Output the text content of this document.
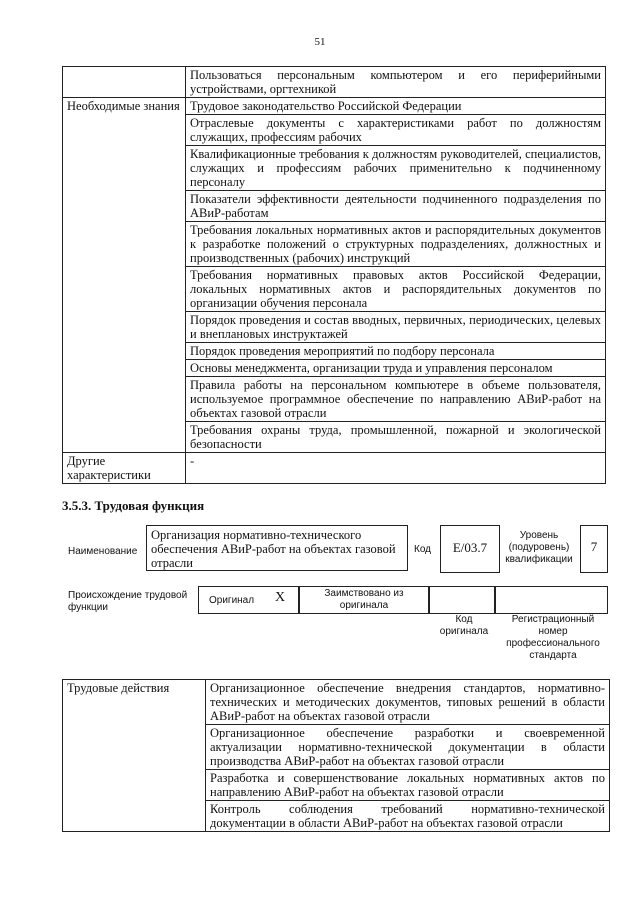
51
	Пользоваться персональным компьютером и его периферийными устройствами, оргтехникой
Необходимые знания	Трудовое законодательство Российской Федерации
	Отраслевые документы с характеристиками работ по должностям служащих, профессиям рабочих
	Квалификационные требования к должностям руководителей, специалистов, служащих и профессиям рабочих применительно к подчиненному персоналу
	Показатели эффективности деятельности подчиненного подразделения по АВиР-работам
	Требования локальных нормативных актов и распорядительных документов к разработке положений о структурных подразделениях, должностных и производственных (рабочих) инструкций
	Требования нормативных правовых актов Российской Федерации, локальных нормативных актов и распорядительных документов по организации обучения персонала
	Порядок проведения и состав вводных, первичных, периодических, целевых и внеплановых инструктажей
	Порядок проведения мероприятий по подбору персонала
	Основы менеджмента, организации труда и управления персоналом
	Правила работы на персональном компьютере в объеме пользователя, используемое программное обеспечение по направлению АВиР-работ на объектах газовой отрасли
	Требования охраны труда, промышленной, пожарной и экологической безопасности
Другие характеристики	-
3.5.3. Трудовая функция
Наименование
Организация нормативно-технического обеспечения АВиР-работ на объектах газовой отрасли
Код	Е/03.7
Уровень (подуровень) квалификации
7
Происхождение трудовой функции
Оригинал X	Заимствовано из оригинала
Код оригинала
Регистрационный номер профессионального стандарта
Трудовые действия	Организационное обеспечение внедрения стандартов, нормативно-технических и методических документов, типовых решений в области АВиР-работ на объектах газовой отрасли
Организационное обеспечение разработки и своевременной актуализации нормативно-технической документации в области производства АВиР-работ на объектах газовой отрасли
Разработка и совершенствование локальных нормативных актов по направлению АВиР-работ на объектах газовой отрасли
Контроль соблюдения требований нормативно-технической документации в области АВиР-работ на объектах газовой отрасли
